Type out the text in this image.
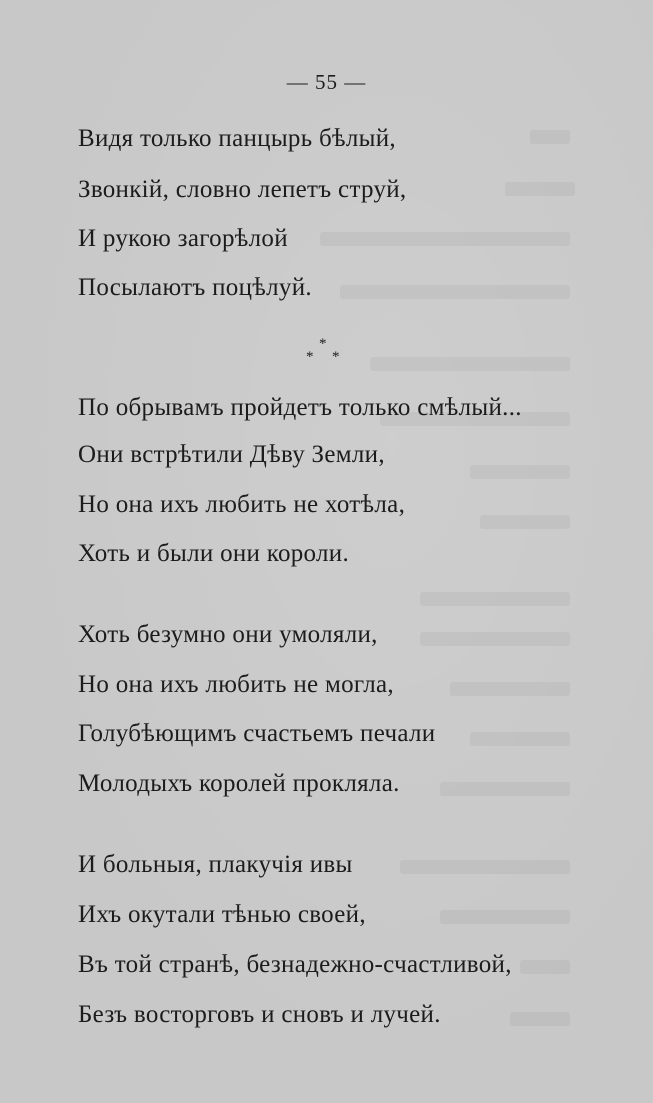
— 55 —
Видя только панцырь бѣлый,
Звонкій, словно лепетъ струй,
И рукою загорѣлой
Посылаютъ поцѣлуй.
*
* *
По обрывамъ пройдетъ только смѣлый...
Они встрѣтили Дѣву Земли,
Но она ихъ любить не хотѣла,
Хоть и были они короли.
Хоть безумно они умоляли,
Но она ихъ любить не могла,
Голубѣющимъ счастьемъ печали
Молодыхъ королей прокляла.
И больныя, плакучія ивы
Ихъ окутали тѣнью своей,
Въ той странѣ, безнадежно-счастливой,
Безъ восторговъ и сновъ и лучей.
